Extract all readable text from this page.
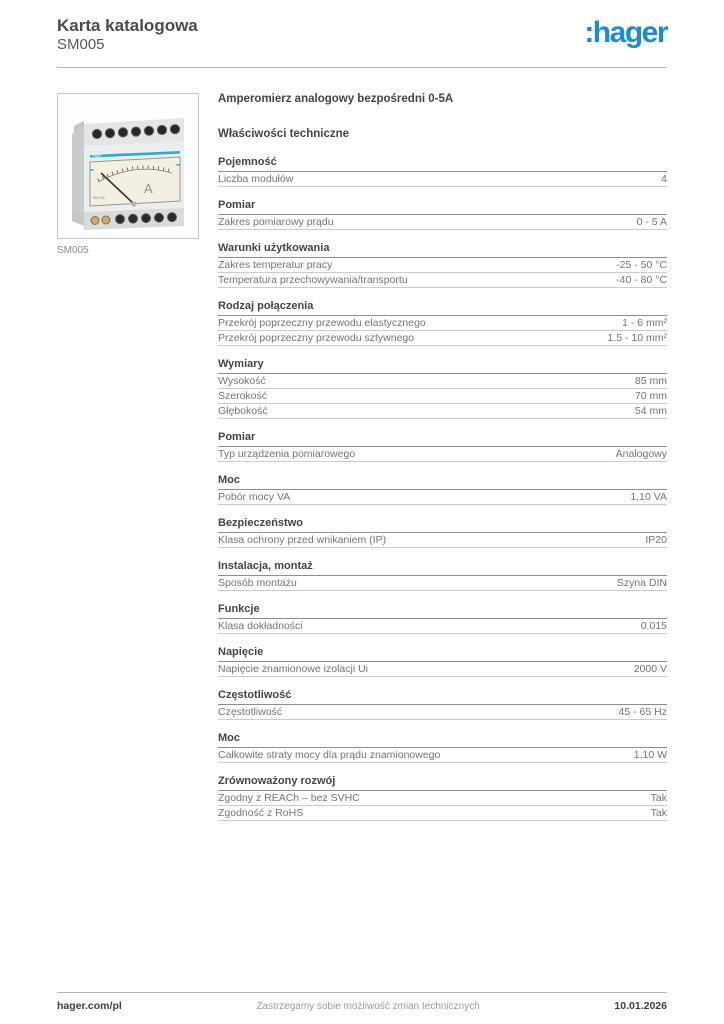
Karta katalogowa
SM005	:hager
hager
A
SM 005
SM005
Amperomierz analogowy bezpośredni 0-5A
Właściwości techniczne
Pojemność
Liczba modułów	4
Pomiar
Zakres pomiarowy prądu	0 - 5 A
Warunki użytkowania
Zakres temperatur pracy	-25 - 50 °C
Temperatura przechowywania/transportu	-40 - 80 °C
Rodzaj połączenia
Przekrój poprzeczny przewodu elastycznego	1 - 6 mm²
Przekrój poprzeczny przewodu sztywnego	1.5 - 10 mm²
Wymiary
Wysokość	85 mm
Szerokość	70 mm
Głębokość	54 mm
Pomiar
Typ urządzenia pomiarowego	Analogowy
Moc
Pobór mocy VA	1,10 VA
Bezpieczeństwo
Klasa ochrony przed wnikaniem (IP)	IP20
Instalacja, montaż
Sposób montażu	Szyna DIN
Funkcje
Klasa dokładności	0.015
Napięcie
Napięcie znamionowe izolacji Ui	2000 V
Częstotliwość
Częstotliwość	45 - 65 Hz
Moc
Całkowite straty mocy dla prądu znamionowego	1,10 W
Zrównoważony rozwój
Zgodny z REACh – bez SVHC	Tak
Zgodność z RoHS	Tak
hager.com/pl	Zastrzegamy sobie możliwość zmian technicznych	10.01.2026
